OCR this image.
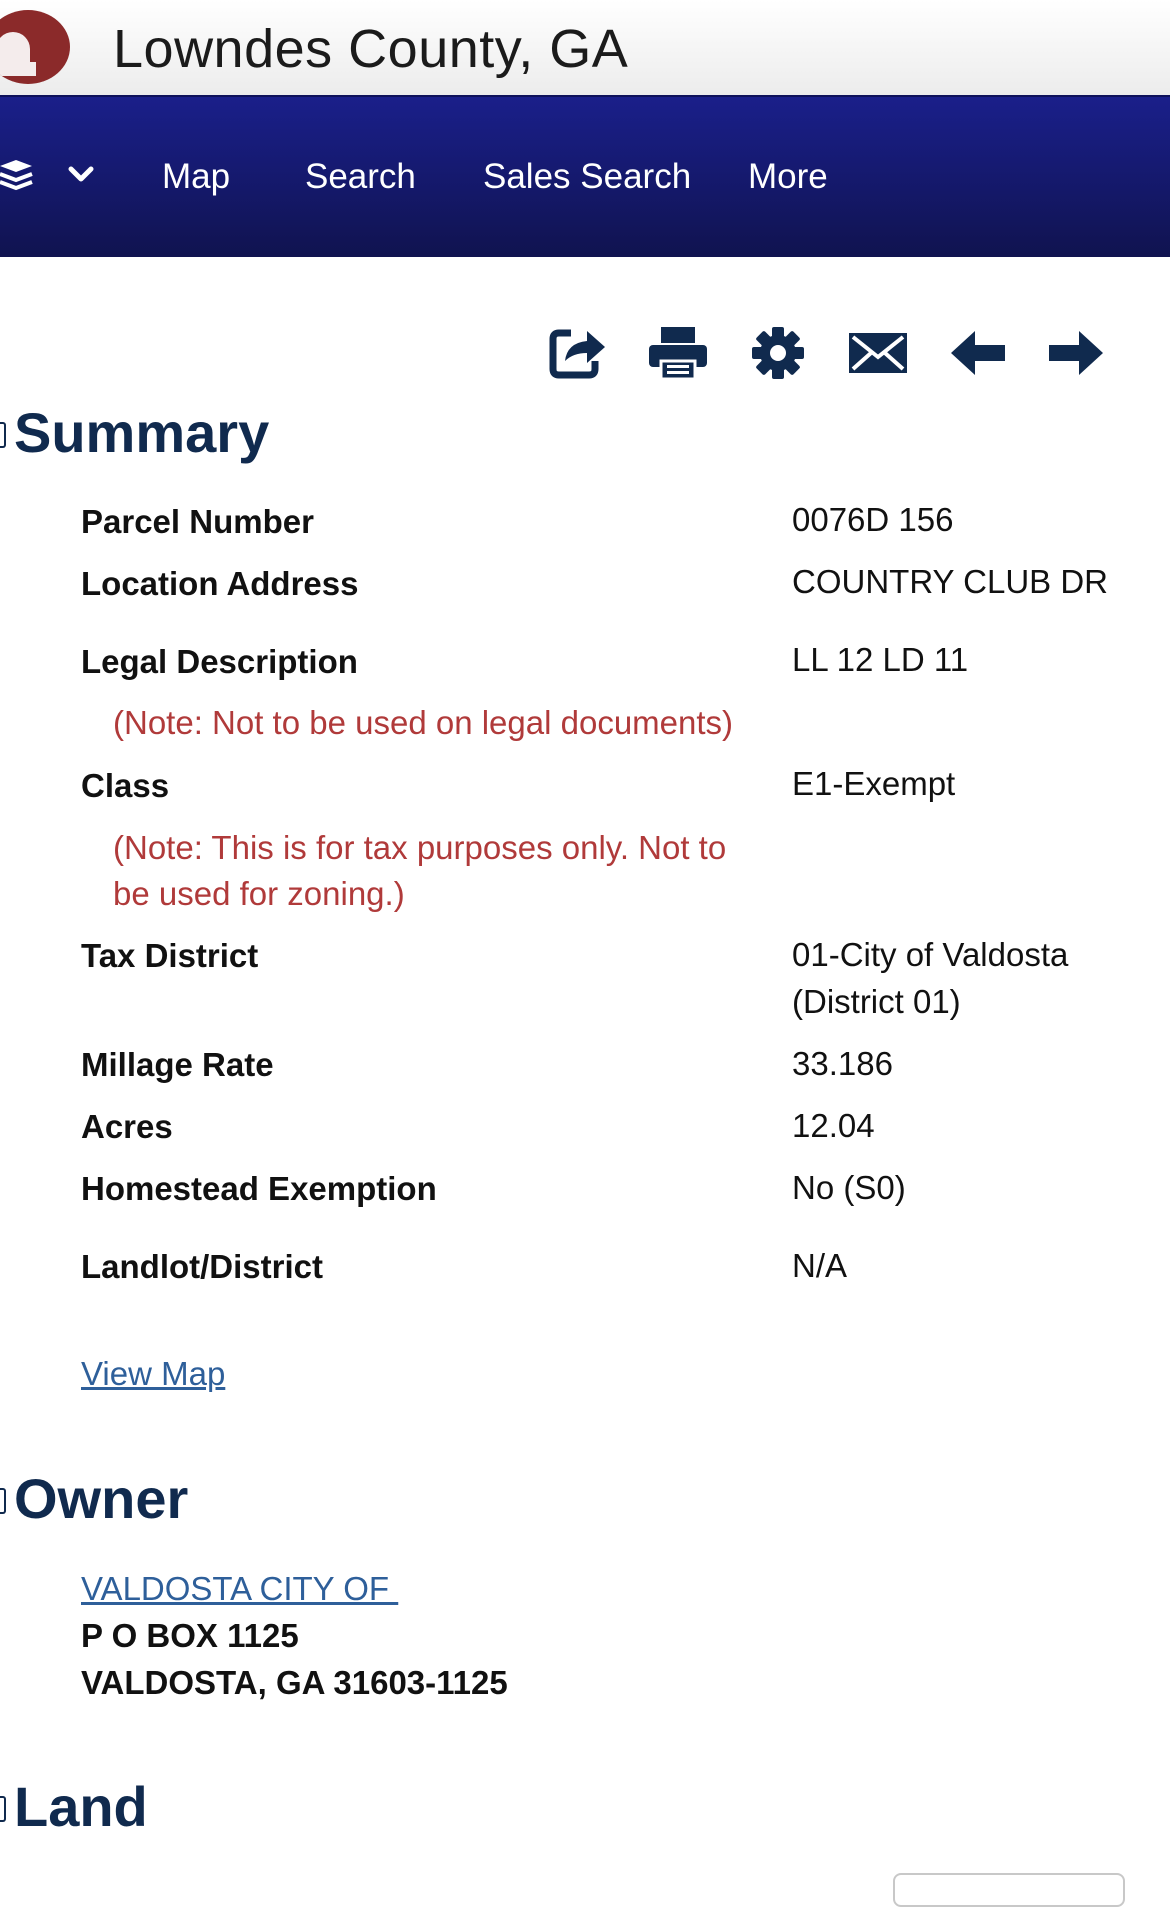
Lowndes County, GA
Map Search Sales Search More
Summary
Parcel Number	0076D 156
Location Address	COUNTRY CLUB DR
Legal Description	LL 12 LD 11
(Note: Not to be used on legal documents)
Class	E1-Exempt
(Note: This is for tax purposes only. Not to
be used for zoning.)
Tax District	01-City of Valdosta
(District 01)
Millage Rate	33.186
Acres	12.04
Homestead Exemption	No (S0)
Landlot/District	N/A
View Map
Owner
VALDOSTA CITY OF
P O BOX 1125
VALDOSTA, GA 31603-1125
Land
